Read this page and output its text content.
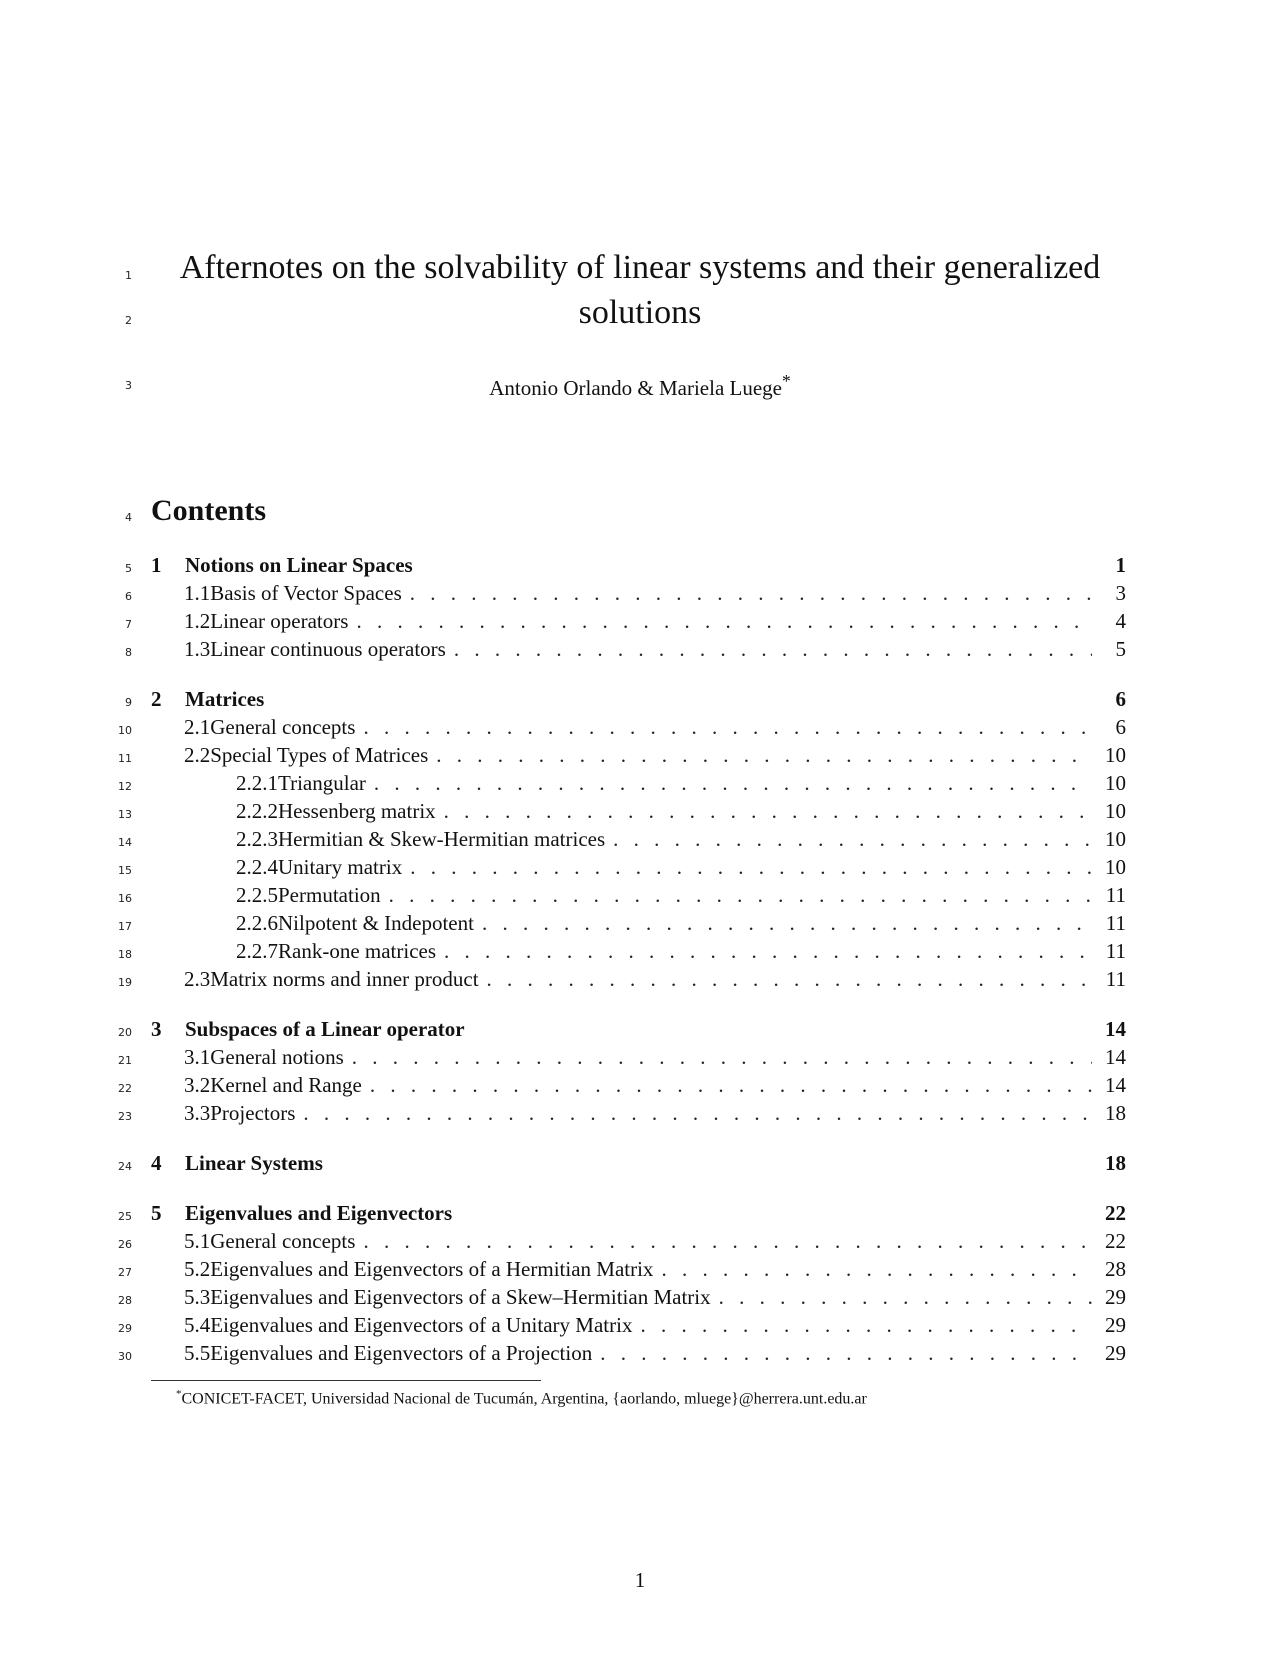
1	Afternotes on the solvability of linear systems and their generalized
2	solutions
3	Antonio Orlando & Mariela Luege*
4 Contents
5 1	Notions on Linear Spaces	1
6 1.1 Basis of Vector Spaces . . .	3
7 1.2 Linear operators . . .	4
8 1.3 Linear continuous operators . . .	5
9 2	Matrices	6
10 2.1 General concepts . . .	6
11 2.2 Special Types of Matrices . . .	10
12	2.2.1 Triangular . . .	10
13	2.2.2 Hessenberg matrix . . .	10
14	2.2.3 Hermitian & Skew-Hermitian matrices . . .	10
15	2.2.4 Unitary matrix . . .	10
16	2.2.5 Permutation . . .	11
17	2.2.6 Nilpotent & Indepotent . . .	11
18	2.2.7 Rank-one matrices . . .	11
19 2.3 Matrix norms and inner product . . .	11
20 3	Subspaces of a Linear operator	14
21 3.1 General notions . . .	14
22 3.2 Kernel and Range . . .	14
23 3.3 Projectors . . .	18
24 4	Linear Systems	18
25 5	Eigenvalues and Eigenvectors	22
26 5.1 General concepts . . .	22
27 5.2 Eigenvalues and Eigenvectors of a Hermitian Matrix . . .	28
28 5.3 Eigenvalues and Eigenvectors of a Skew–Hermitian Matrix . . .	29
29 5.4 Eigenvalues and Eigenvectors of a Unitary Matrix . . .	29
30 5.5 Eigenvalues and Eigenvectors of a Projection . . .	29
*CONICET-FACET, Universidad Nacional de Tucumán, Argentina, {aorlando, mluege}@herrera.unt.edu.ar
1
